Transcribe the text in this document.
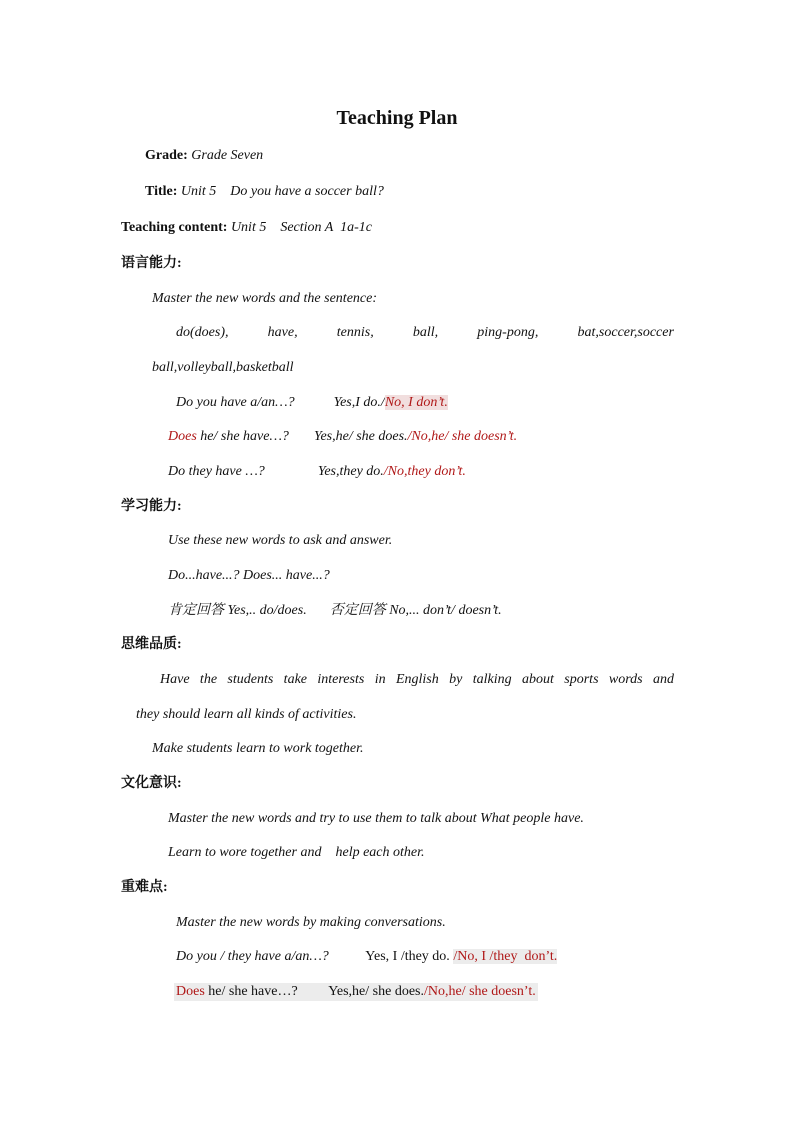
Teaching Plan
Grade: Grade Seven
Title: Unit 5    Do you have a soccer ball?
Teaching content: Unit 5    Section A  1a-1c
语言能力:
Master the new words and the sentence:
do(does),	have,	tennis,	ball,	ping-pong,	bat,soccer,soccer
ball,volleyball,basketball
Do you have a/an…?	Yes,I do./No, I don’t.
Does he/ she have…? Yes,he/ she does./No,he/ she doesn’t.
Do they have …?	Yes,they do./No,they don’t.
学习能力:
Use these new words to ask and answer.
Do...have...? Does... have...?
肯定回答 Yes,.. do/does. 否定回答 No,... don’t/ doesn’t.
思维品质:
Have the students take interests in English by talking about sports words and
they should learn all kinds of activities.
Make students learn to work together.
文化意识:
Master the new words and try to use them to talk about What people have.
Learn to wore together and    help each other.
重难点:
Master the new words by making conversations.
Do you / they have a/an…?	Yes, I /they do. /No, I /they  don’t.
Does he/ she have…? Yes,he/ she does./No,he/ she doesn’t.
